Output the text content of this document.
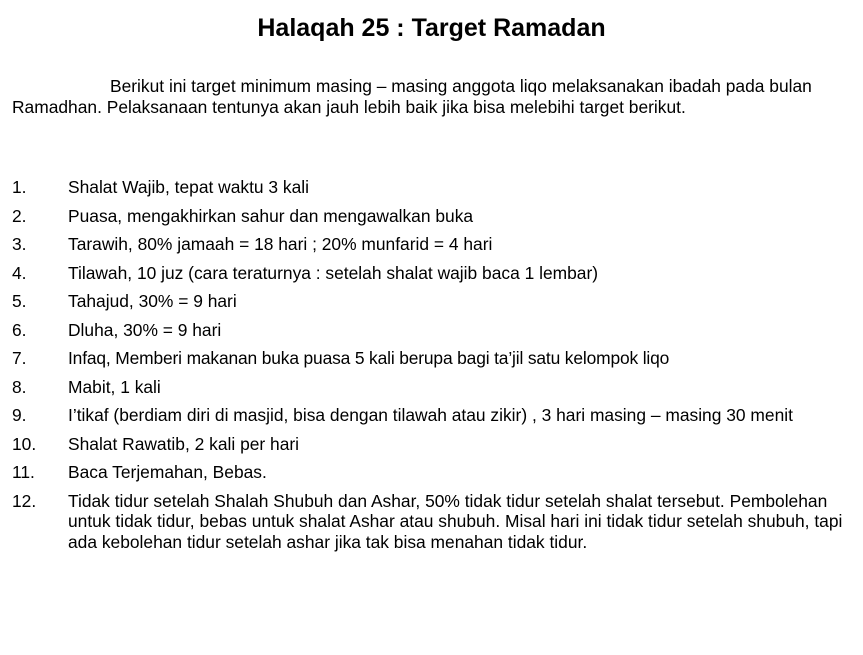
Halaqah 25 : Target Ramadan

Berikut ini target minimum masing – masing anggota liqo melaksanakan ibadah pada bulan Ramadhan. Pelaksanaan tentunya akan jauh lebih baik jika bisa melebihi target berikut.

1.	Shalat Wajib, tepat waktu 3 kali
2.	Puasa, mengakhirkan sahur dan mengawalkan buka
3.	Tarawih, 80% jamaah = 18 hari ; 20% munfarid = 4 hari
4.	Tilawah, 10 juz (cara teraturnya : setelah shalat wajib baca 1 lembar)
5.	Tahajud, 30% = 9 hari
6.	Dluha, 30% = 9 hari
7.	Infaq, Memberi makanan buka puasa 5 kali berupa bagi ta’jil satu kelompok liqo
8.	Mabit, 1 kali
9.	I’tikaf (berdiam diri di masjid, bisa dengan tilawah atau zikir) , 3 hari masing – masing 30 menit
10.	Shalat Rawatib, 2 kali per hari
11.	Baca Terjemahan, Bebas.
12.	Tidak tidur setelah Shalah Shubuh dan Ashar, 50% tidak tidur setelah shalat tersebut. Pembolehan untuk tidak tidur, bebas untuk shalat Ashar atau shubuh. Misal hari ini tidak tidur setelah shubuh, tapi ada kebolehan tidur setelah ashar jika tak bisa menahan tidak tidur.
